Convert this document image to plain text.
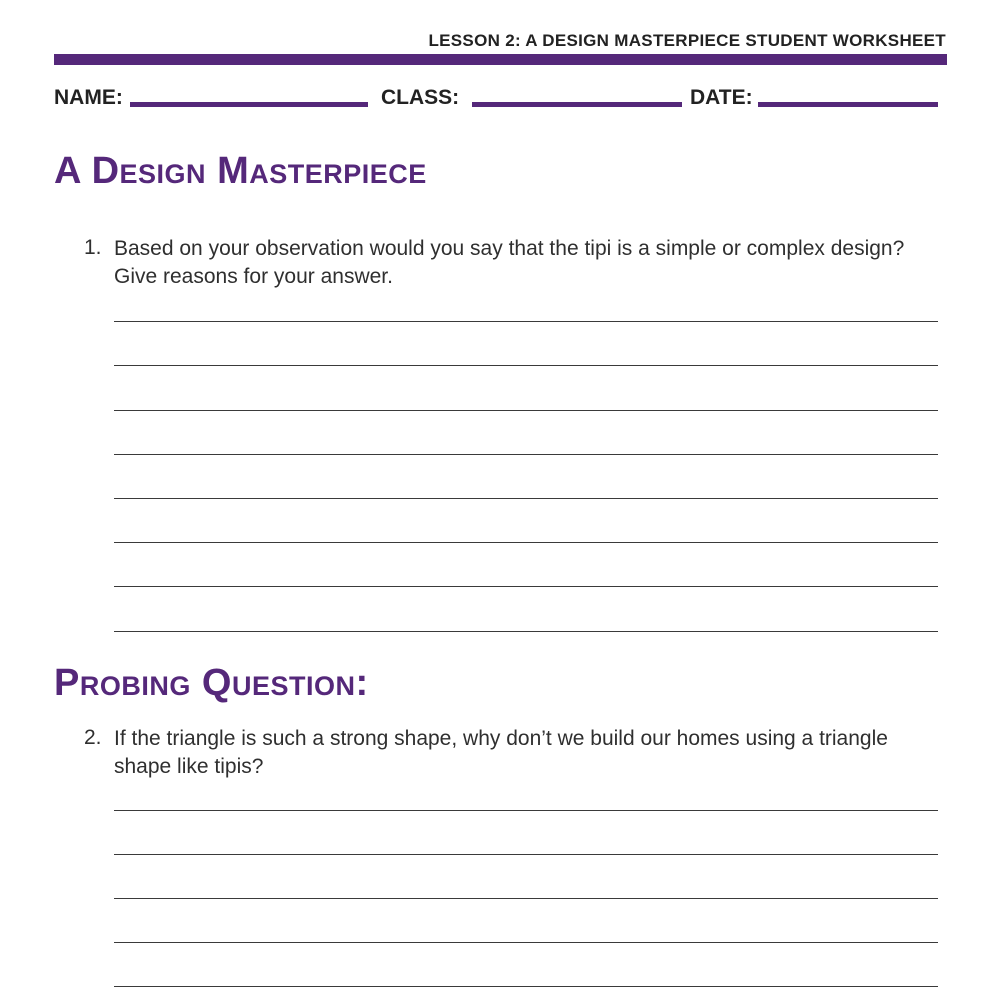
LESSON 2: A DESIGN MASTERPIECE STUDENT WORKSHEET
NAME:	CLASS:	DATE:
A Design Masterpiece
1. Based on your observation would you say that the tipi is a simple or complex design? Give reasons for your answer.
Probing Question:
2. If the triangle is such a strong shape, why don’t we build our homes using a triangle shape like tipis?
